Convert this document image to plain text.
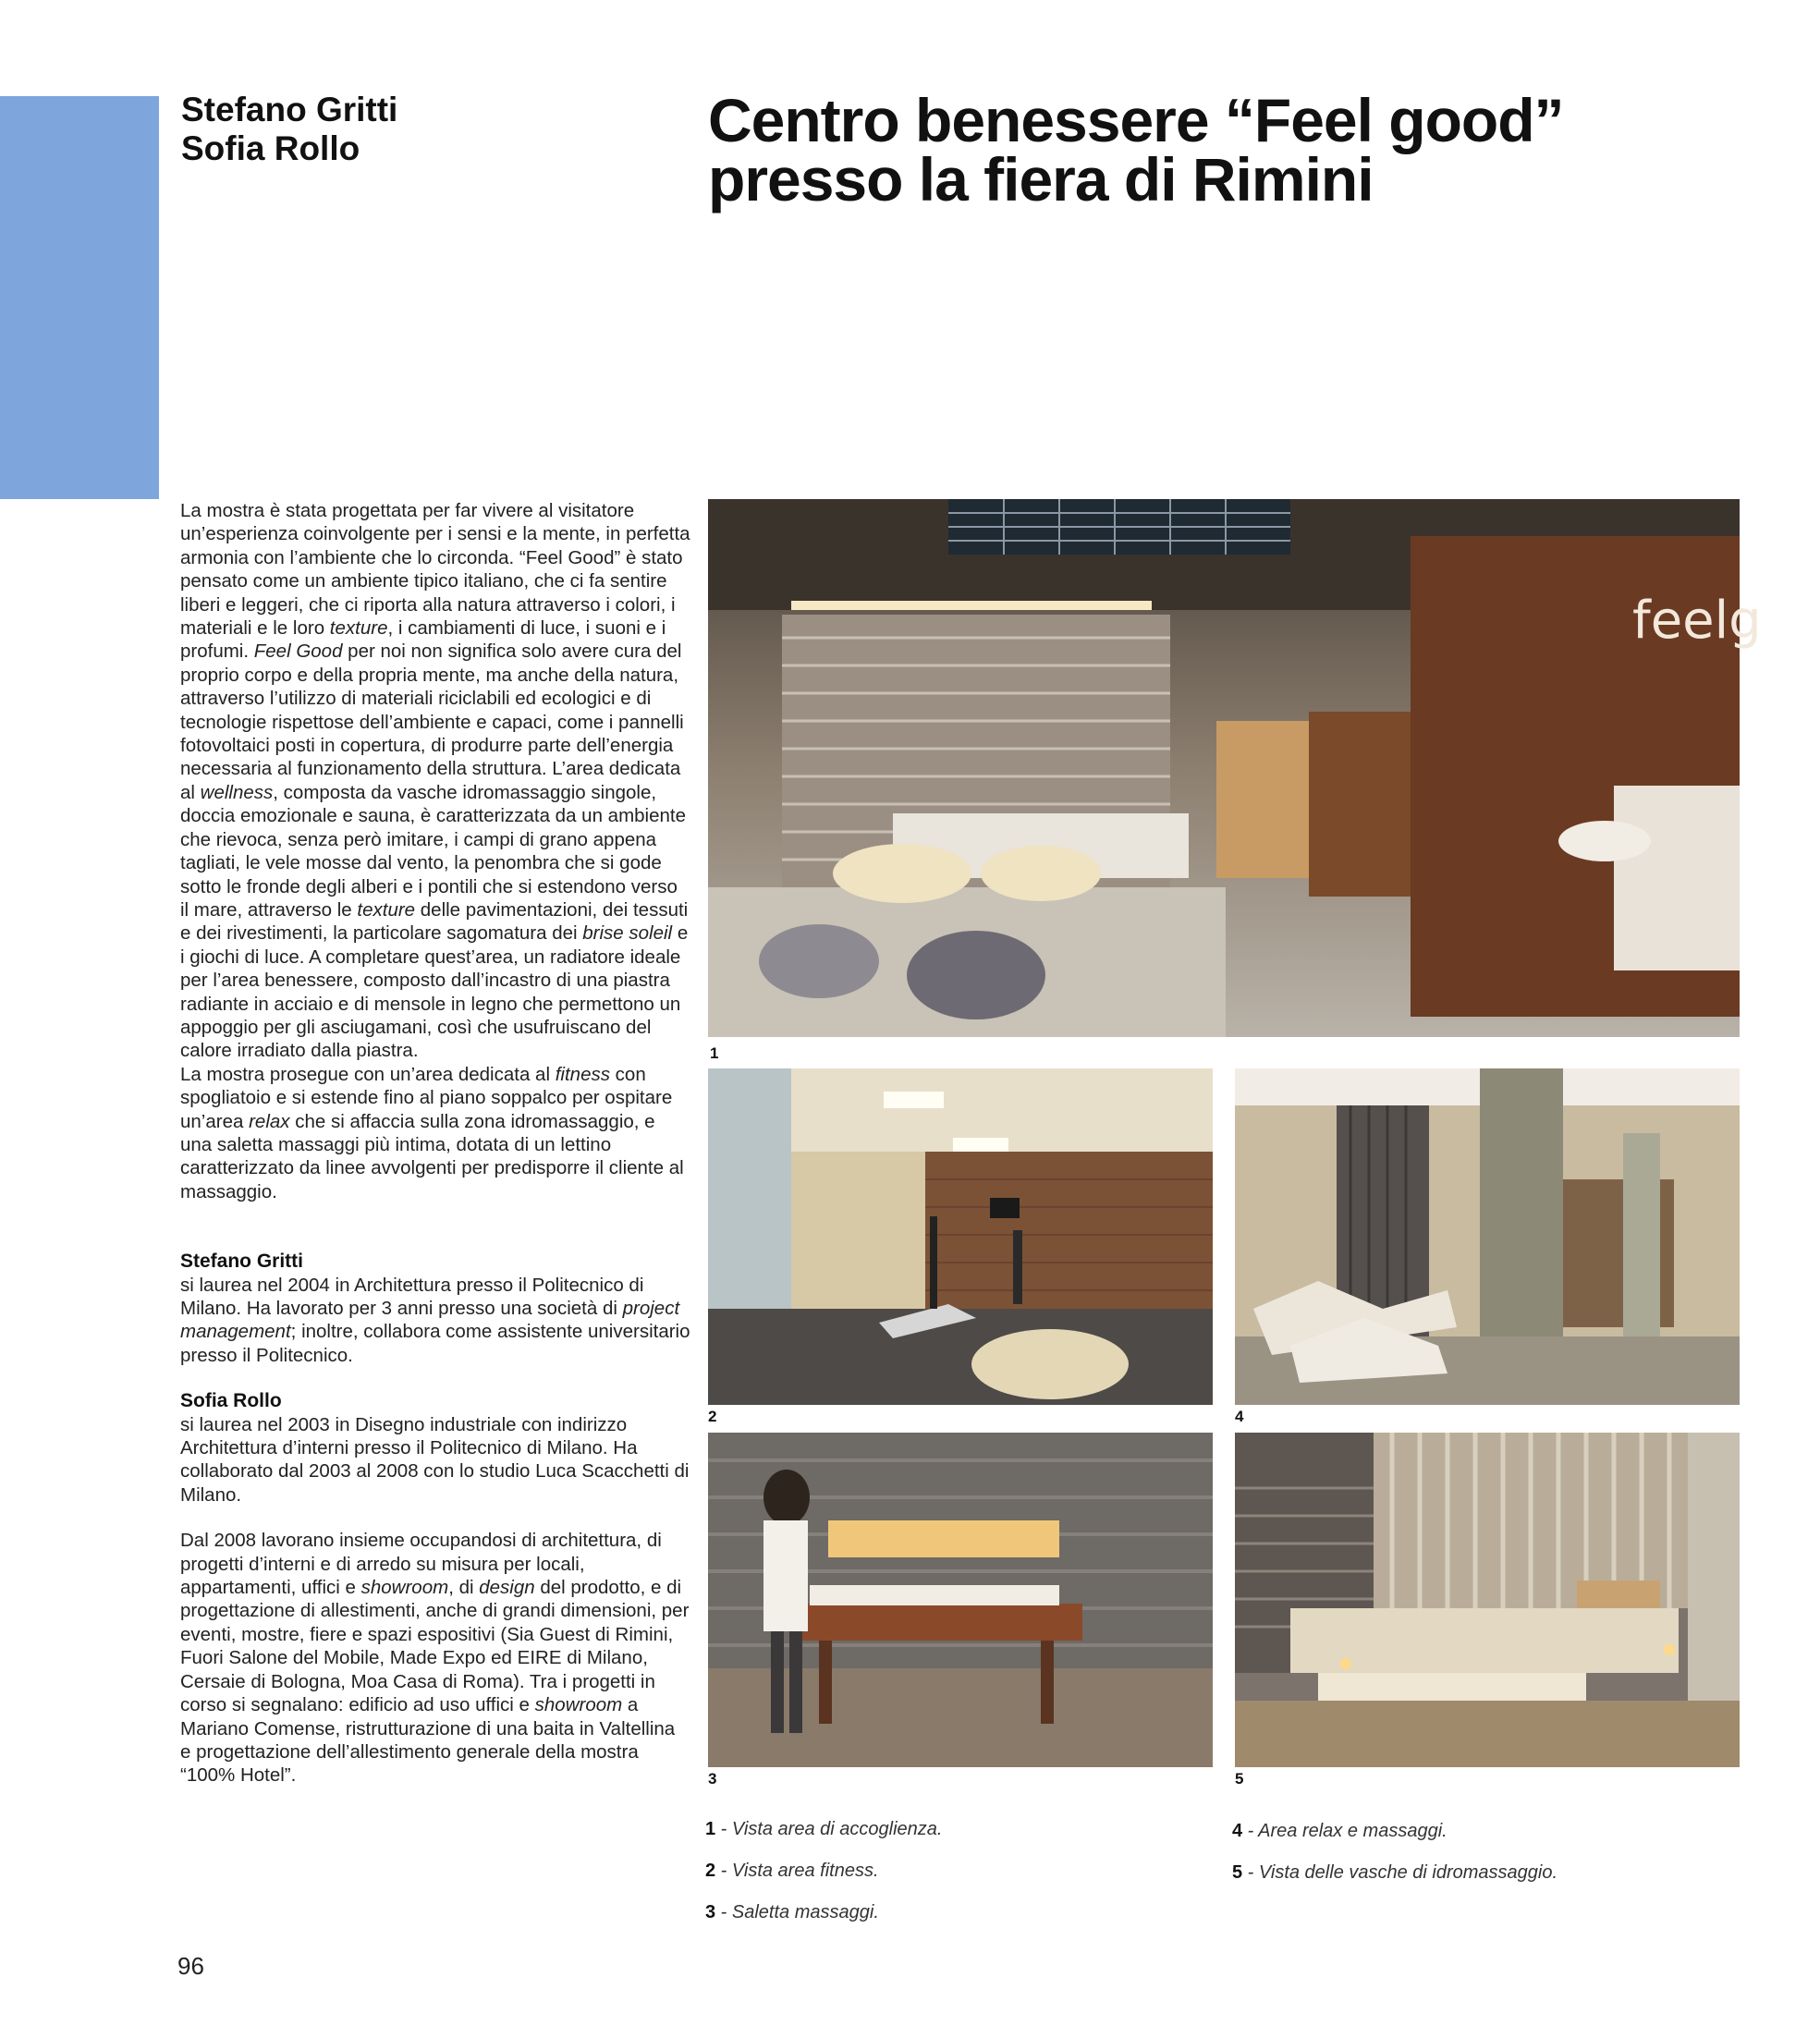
Stefano Gritti
Sofia Rollo	Centro benessere “Feel good”
presso la fiera di Rimini

La mostra è stata progettata per far vivere al visitatore un’esperienza coinvolgente per i sensi e la mente, in perfetta armonia con l’ambiente che lo circonda. “Feel Good” è stato pensato come un ambiente tipico italiano, che ci fa sentire liberi e leggeri, che ci riporta alla natura attraverso i colori, i materiali e le loro texture, i cambiamenti di luce, i suoni e i profumi. Feel Good per noi non significa solo avere cura del proprio corpo e della propria mente, ma anche della natura, attraverso l’utilizzo di materiali riciclabili ed ecologici e di tecnologie rispettose dell’ambiente e capaci, come i pannelli fotovoltaici posti in copertura, di produrre parte dell’energia necessaria al funzionamento della struttura. L’area dedicata al wellness, composta da vasche idromassaggio singole, doccia emozionale e sauna, è caratterizzata da un ambiente che rievoca, senza però imitare, i campi di grano appena tagliati, le vele mosse dal vento, la penombra che si gode sotto le fronde degli alberi e i pontili che si estendono verso il mare, attraverso le texture delle pavimentazioni, dei tessuti e dei rivestimenti, la particolare sagomatura dei brise soleil e i giochi di luce. A completare quest’area, un radiatore ideale per l’area benessere, composto dall’incastro di una piastra radiante in acciaio e di mensole in legno che permettono un appoggio per gli asciugamani, così che usufruiscano del calore irradiato dalla piastra.

La mostra prosegue con un’area dedicata al fitness con spogliatoio e si estende fino al piano soppalco per ospitare un’area relax che si affaccia sulla zona idromassaggio, e una saletta massaggi più intima, dotata di un lettino caratterizzato da linee avvolgenti per predisporre il cliente al massaggio.

Stefano Gritti

si laurea nel 2004 in Architettura presso il Politecnico di Milano. Ha lavorato per 3 anni presso una società di project management; inoltre, collabora come assistente universitario presso il Politecnico.

Sofia Rollo

si laurea nel 2003 in Disegno industriale con indirizzo Architettura d’interni presso il Politecnico di Milano. Ha collaborato dal 2003 al 2008 con lo studio Luca Scacchetti di Milano.

Dal 2008 lavorano insieme occupandosi di architettura, di progetti d’interni e di arredo su misura per locali, appartamenti, uffici e showroom, di design del prodotto, e di progettazione di allestimenti, anche di grandi dimensioni, per eventi, mostre, fiere e spazi espositivi (Sia Guest di Rimini, Fuori Salone del Mobile, Made Expo ed EIRE di Milano, Cersaie di Bologna, Moa Casa di Roma). Tra i progetti in corso si segnalano: edificio ad uso uffici e showroom a Mariano Comense, ristrutturazione di una baita in Valtellina e progettazione dell’allestimento generale della mostra “100% Hotel”.

feelg
1
2	4
3	5
1 - Vista area di accoglienza.
2 - Vista area fitness.
3 - Saletta massaggi.
4 - Area relax e massaggi.
5 - Vista delle vasche di idromassaggio.
96
